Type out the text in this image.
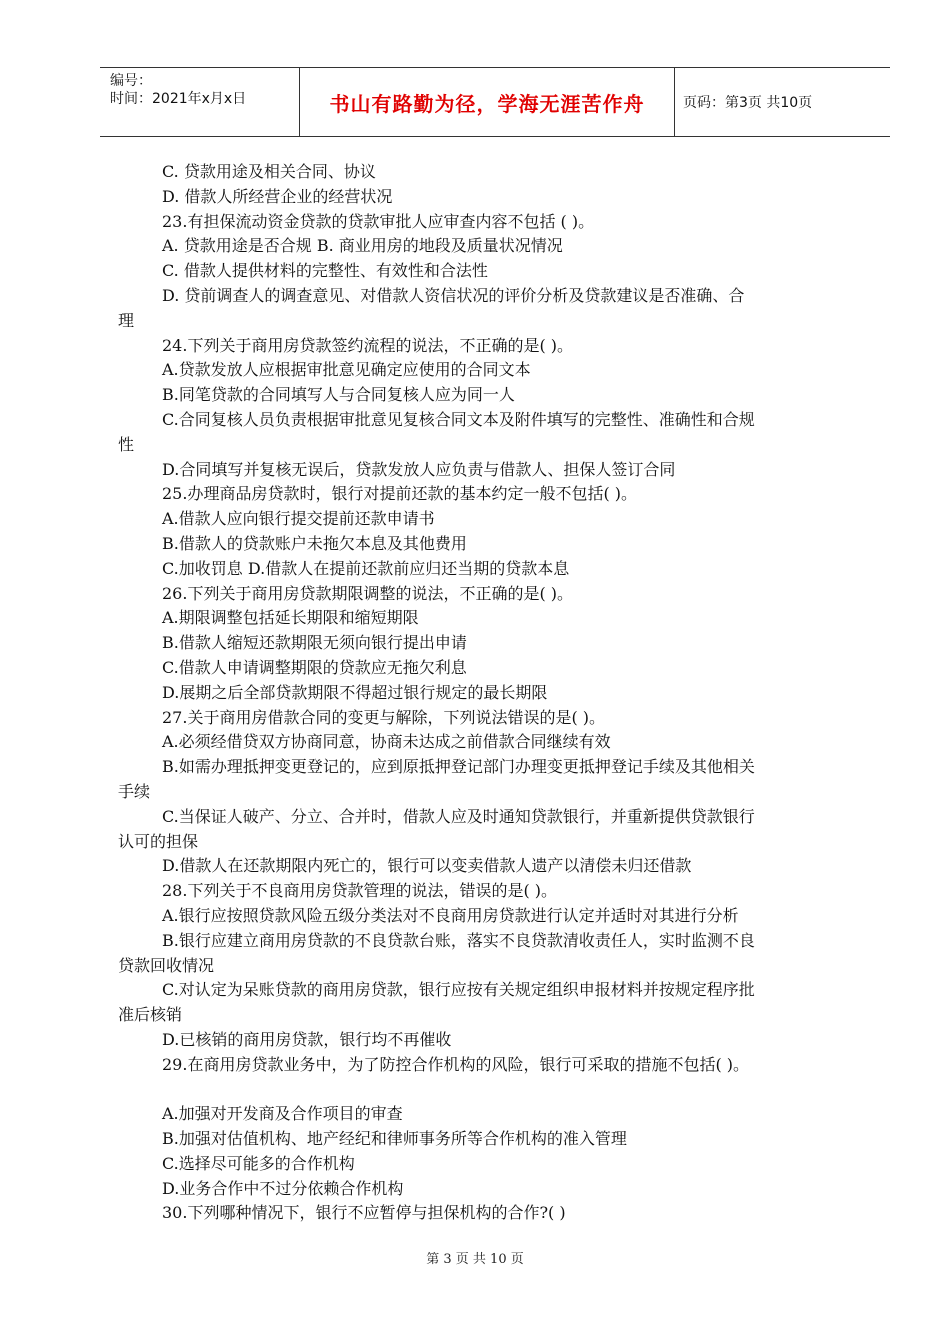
编号：
时间：2021年x月x日	书山有路勤为径，学海无涯苦作舟	页码：第3页 共10页
C. 贷款用途及相关合同、协议
D. 借款人所经营企业的经营状况
23.有担保流动资金贷款的贷款审批人应审查内容不包括 ( )。
A. 贷款用途是否合规 B. 商业用房的地段及质量状况情况
C. 借款人提供材料的完整性、有效性和合法性
D. 贷前调查人的调查意见、对借款人资信状况的评价分析及贷款建议是否准确、合
理
24.下列关于商用房贷款签约流程的说法，不正确的是( )。
A.贷款发放人应根据审批意见确定应使用的合同文本
B.同笔贷款的合同填写人与合同复核人应为同一人
C.合同复核人员负责根据审批意见复核合同文本及附件填写的完整性、准确性和合规
性
D.合同填写并复核无误后，贷款发放人应负责与借款人、担保人签订合同
25.办理商品房贷款时，银行对提前还款的基本约定一般不包括( )。
A.借款人应向银行提交提前还款申请书
B.借款人的贷款账户未拖欠本息及其他费用
C.加收罚息 D.借款人在提前还款前应归还当期的贷款本息
26.下列关于商用房贷款期限调整的说法，不正确的是( )。
A.期限调整包括延长期限和缩短期限
B.借款人缩短还款期限无须向银行提出申请
C.借款人申请调整期限的贷款应无拖欠利息
D.展期之后全部贷款期限不得超过银行规定的最长期限
27.关于商用房借款合同的变更与解除，下列说法错误的是( )。
A.必须经借贷双方协商同意，协商未达成之前借款合同继续有效
B.如需办理抵押变更登记的，应到原抵押登记部门办理变更抵押登记手续及其他相关
手续
C.当保证人破产、分立、合并时，借款人应及时通知贷款银行，并重新提供贷款银行
认可的担保
D.借款人在还款期限内死亡的，银行可以变卖借款人遗产以清偿未归还借款
28.下列关于不良商用房贷款管理的说法，错误的是( )。
A.银行应按照贷款风险五级分类法对不良商用房贷款进行认定并适时对其进行分析
B.银行应建立商用房贷款的不良贷款台账，落实不良贷款清收责任人，实时监测不良
贷款回收情况
C.对认定为呆账贷款的商用房贷款，银行应按有关规定组织申报材料并按规定程序批
准后核销
D.已核销的商用房贷款，银行均不再催收
29.在商用房贷款业务中，为了防控合作机构的风险，银行可采取的措施不包括( )。
A.加强对开发商及合作项目的审查
B.加强对估值机构、地产经纪和律师事务所等合作机构的准入管理
C.选择尽可能多的合作机构
D.业务合作中不过分依赖合作机构
30.下列哪种情况下，银行不应暂停与担保机构的合作?( )
第 3 页 共 10 页
